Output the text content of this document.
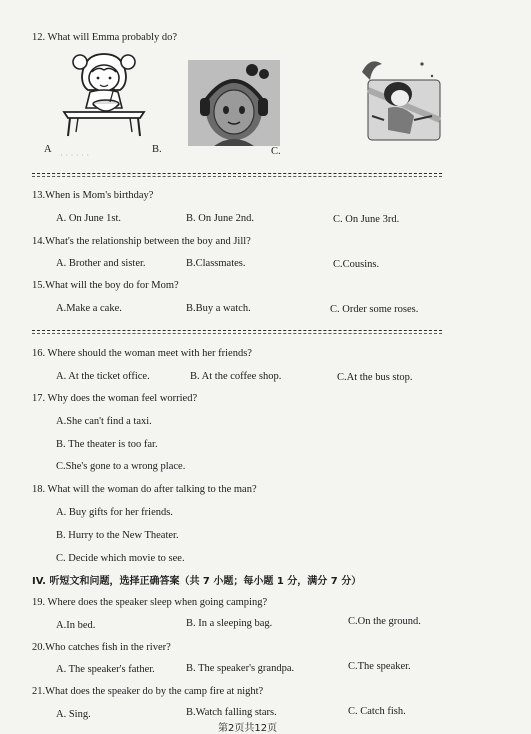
12. What will Emma probably do?
A	B.	C.
· · · · · ·
13.When is Mom's birthday?
A. On June 1st.	B. On June 2nd.	C. On June 3rd.
14.What's the relationship between the boy and Jill?
A. Brother and sister.	B.Classmates.	C.Cousins.
15.What will the boy do for Mom?
A.Make a cake.	B.Buy a watch.	C. Order some roses.
16. Where should the woman meet with her friends?
A. At the ticket office.	B. At the coffee shop.	C.At the bus stop.
17. Why does the woman feel worried?
A.She can't find a taxi.
B. The theater is too far.
C.She's gone to a wrong place.
18. What will the woman do after talking to the man?
A. Buy gifts for her friends.
B. Hurry to the New Theater.
C. Decide which movie to see.
IV. 听短文和问题，选择正确答案（共 7 小题；每小题 1 分，满分 7 分）
19. Where does the speaker sleep when going camping?
A.In bed.	B. In a sleeping bag.	C.On the ground.
20.Who catches fish in the river?
A. The speaker's father.	B. The speaker's grandpa.	C.The speaker.
21.What does the speaker do by the camp fire at night?
A. Sing.	B.Watch falling stars.	C. Catch fish.
第2页共12页
